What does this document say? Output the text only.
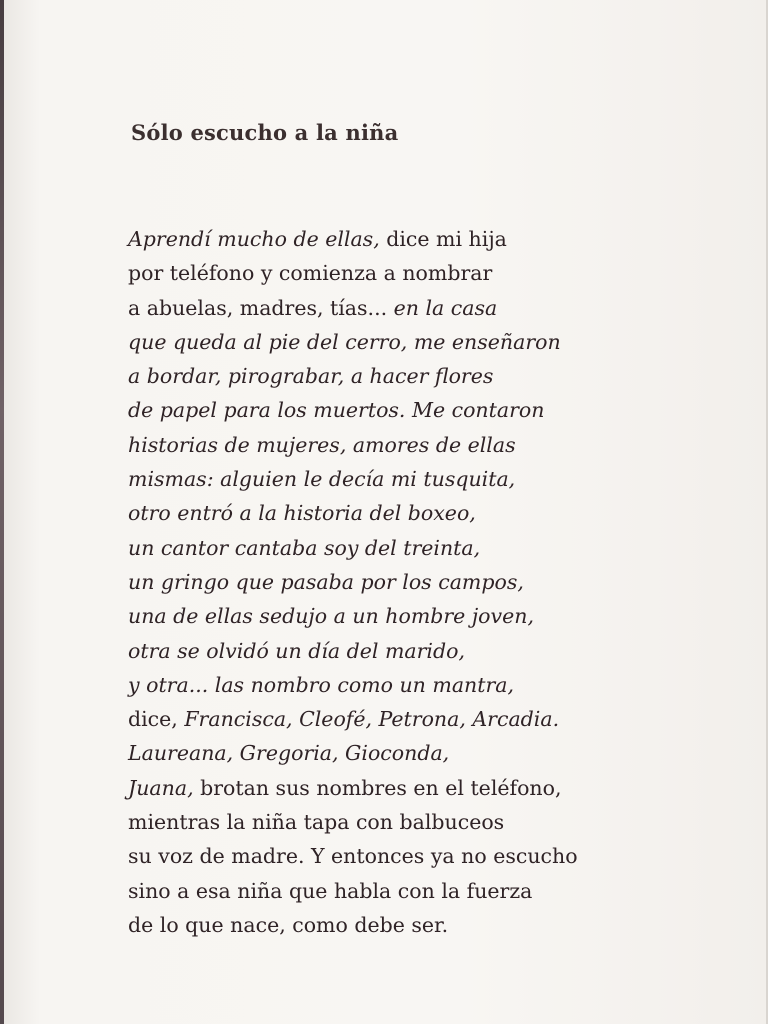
Sólo escucho a la niña
Aprendí mucho de ellas, dice mi hija
por teléfono y comienza a nombrar
a abuelas, madres, tías... en la casa
que queda al pie del cerro, me enseñaron
a bordar, pirograbar, a hacer flores
de papel para los muertos. Me contaron
historias de mujeres, amores de ellas
mismas: alguien le decía mi tusquita,
otro entró a la historia del boxeo,
un cantor cantaba soy del treinta,
un gringo que pasaba por los campos,
una de ellas sedujo a un hombre joven,
otra se olvidó un día del marido,
y otra... las nombro como un mantra,
dice, Francisca, Cleofé, Petrona, Arcadia.
Laureana, Gregoria, Gioconda,
Juana, brotan sus nombres en el teléfono,
mientras la niña tapa con balbuceos
su voz de madre. Y entonces ya no escucho
sino a esa niña que habla con la fuerza
de lo que nace, como debe ser.
